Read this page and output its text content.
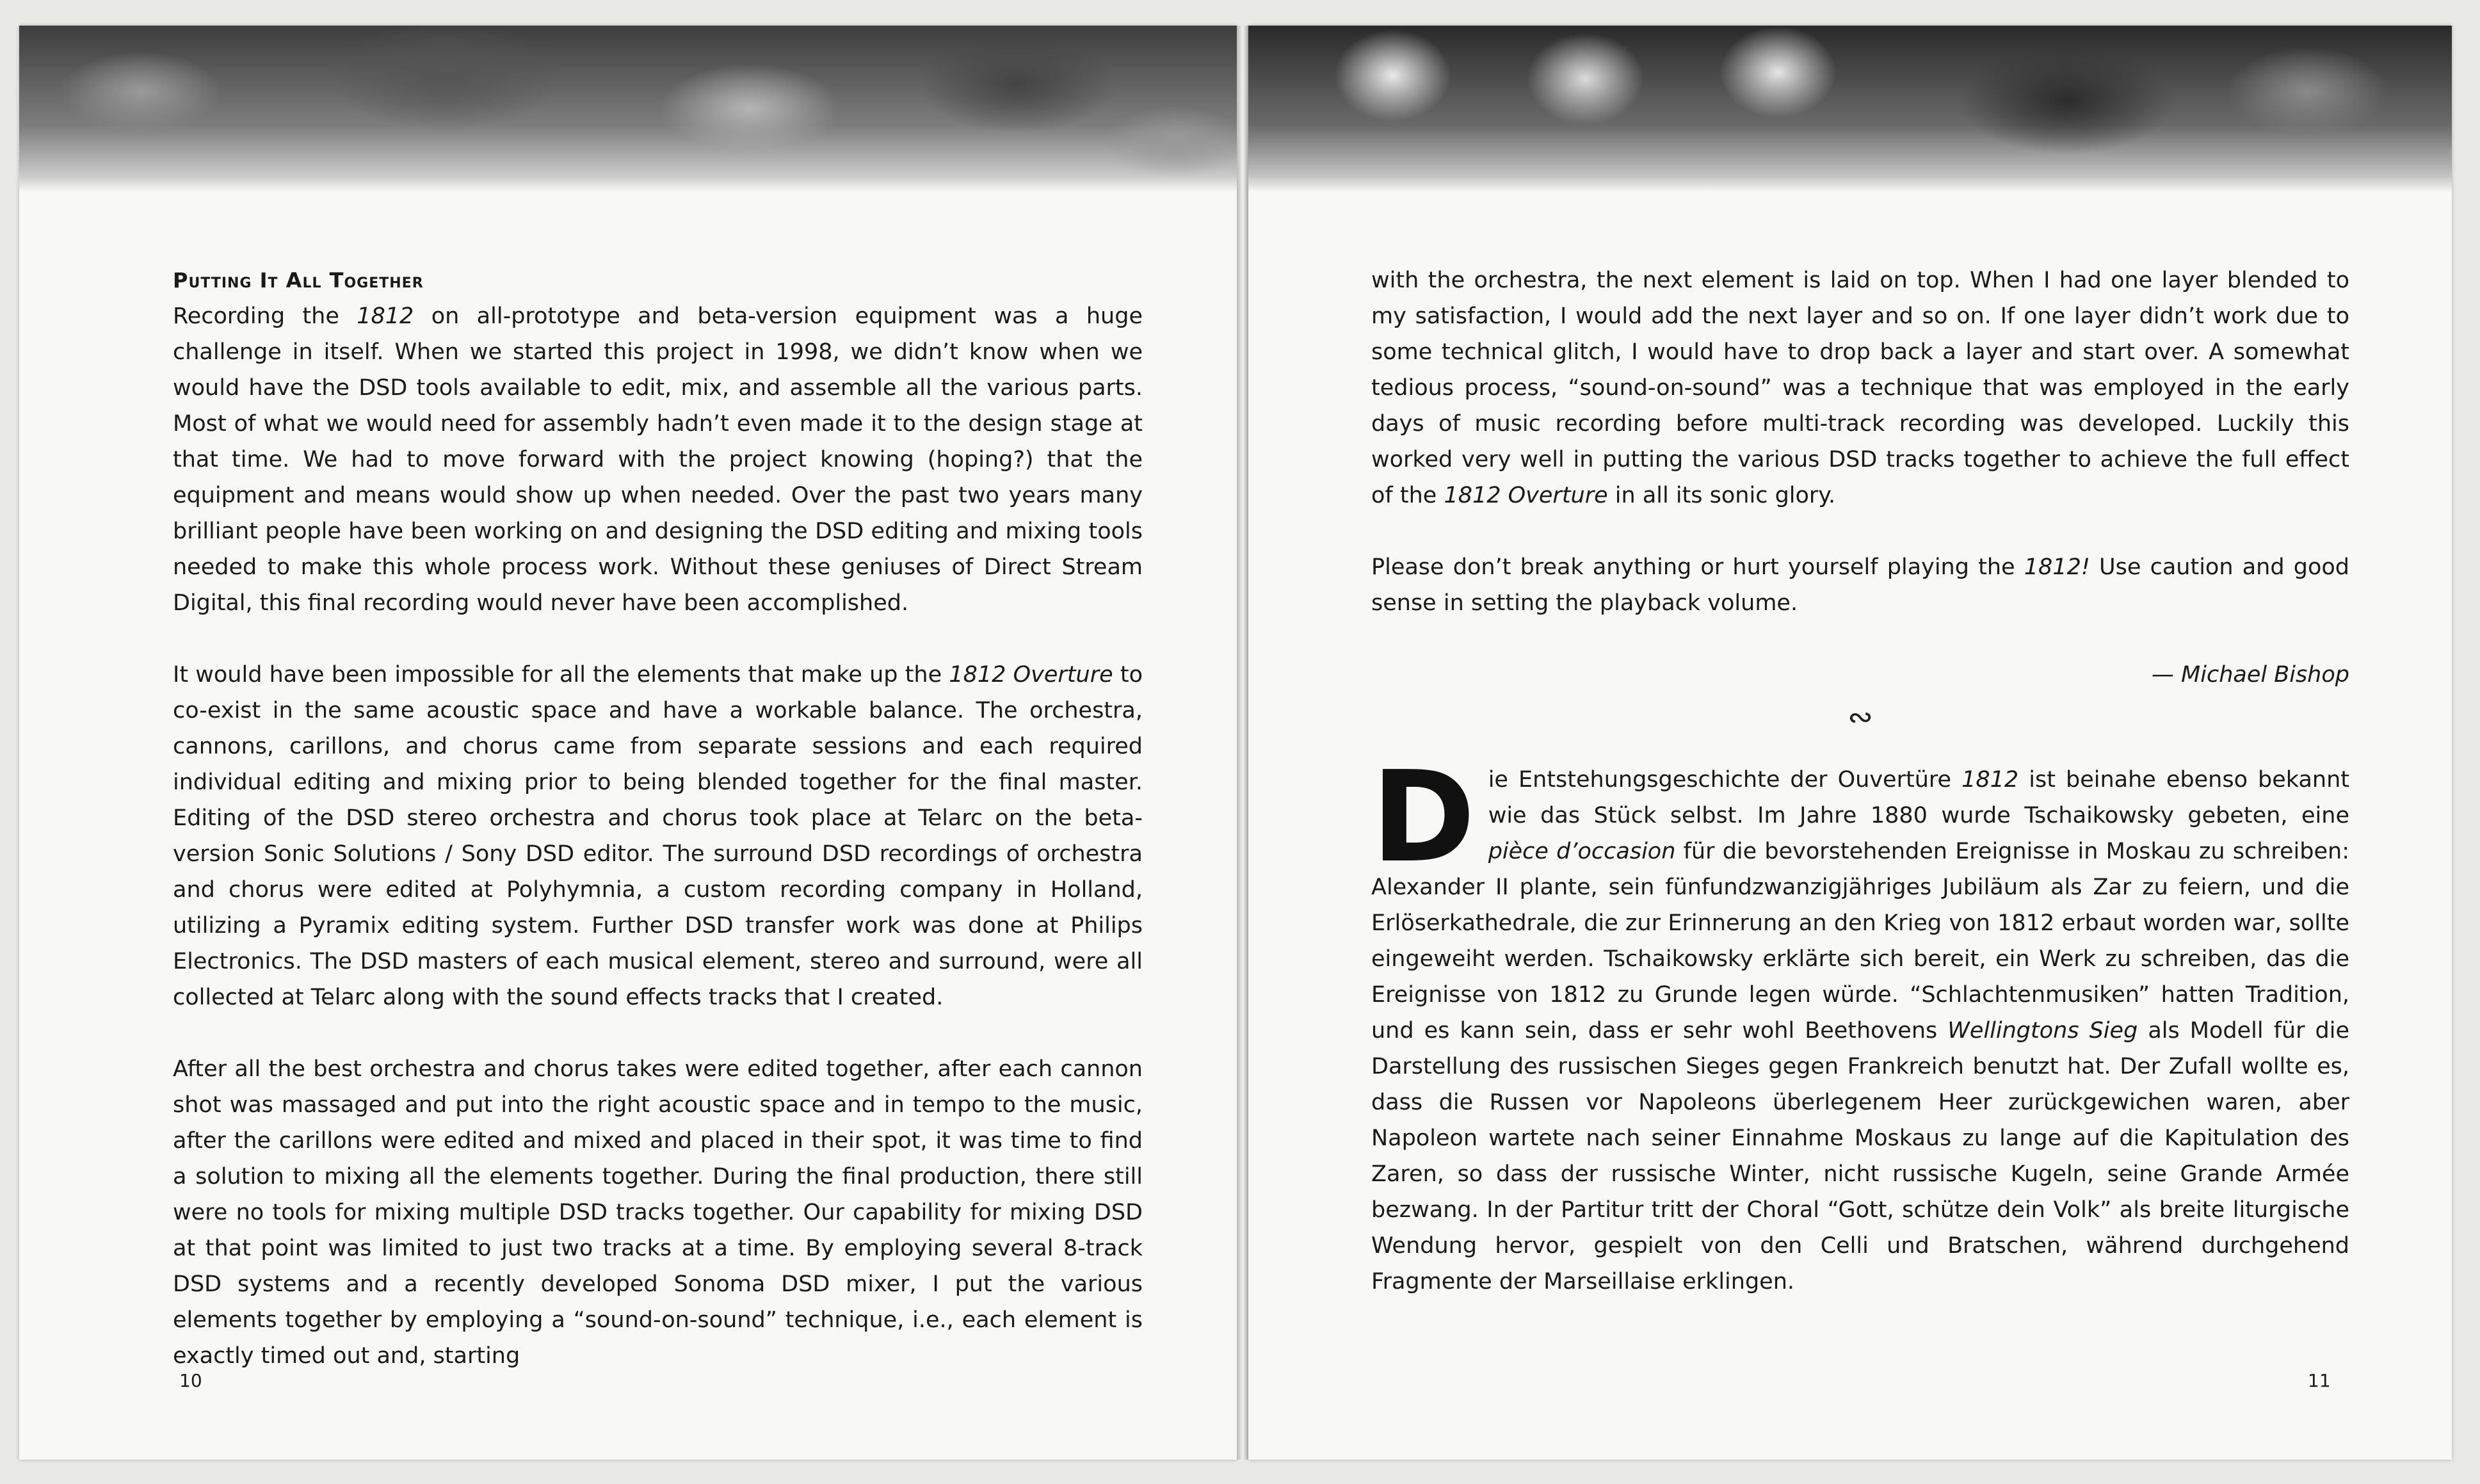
Putting It All Together

Recording the 1812 on all-prototype and beta-version equipment was a huge challenge in itself. When we started this project in 1998, we didn’t know when we would have the DSD tools available to edit, mix, and assemble all the various parts. Most of what we would need for assembly hadn’t even made it to the design stage at that time. We had to move forward with the project knowing (hoping?) that the equipment and means would show up when needed. Over the past two years many brilliant people have been working on and designing the DSD editing and mixing tools needed to make this whole process work. Without these geniuses of Direct Stream Digital, this final recording would never have been accomplished.

It would have been impossible for all the elements that make up the 1812 Overture to co-exist in the same acoustic space and have a workable balance. The orchestra, cannons, carillons, and chorus came from separate sessions and each required individual editing and mixing prior to being blended together for the final master. Editing of the DSD stereo orchestra and chorus took place at Telarc on the beta-version Sonic Solutions / Sony DSD editor. The surround DSD recordings of orchestra and chorus were edited at Polyhymnia, a custom recording company in Holland, utilizing a Pyramix editing system. Further DSD transfer work was done at Philips Electronics. The DSD masters of each musical element, stereo and surround, were all collected at Telarc along with the sound effects tracks that I created.

After all the best orchestra and chorus takes were edited together, after each cannon shot was massaged and put into the right acoustic space and in tempo to the music, after the carillons were edited and mixed and placed in their spot, it was time to find a solution to mixing all the elements together. During the final production, there still were no tools for mixing multiple DSD tracks together. Our capability for mixing DSD at that point was limited to just two tracks at a time. By employing several 8-track DSD systems and a recently developed Sonoma DSD mixer, I put the various elements together by employing a “sound-on-sound” technique, i.e., each element is exactly timed out and, starting

10

with the orchestra, the next element is laid on top. When I had one layer blended to my satisfaction, I would add the next layer and so on. If one layer didn’t work due to some technical glitch, I would have to drop back a layer and start over. A somewhat tedious process, “sound-on-sound” was a technique that was employed in the early days of music recording before multi-track recording was developed. Luckily this worked very well in putting the various DSD tracks together to achieve the full effect of the 1812 Overture in all its sonic glory.

Please don’t break anything or hurt yourself playing the 1812! Use caution and good sense in setting the playback volume.

— Michael Bishop
∾

Die Entstehungsgeschichte der Ouvertüre 1812 ist beinahe ebenso bekannt wie das Stück selbst. Im Jahre 1880 wurde Tschaikowsky gebeten, eine pièce d’occasion für die bevorstehenden Ereignisse in Moskau zu schreiben: Alexander II plante, sein fünfundzwanzigjähriges Jubiläum als Zar zu feiern, und die Erlöserkathedrale, die zur Erinnerung an den Krieg von 1812 erbaut worden war, sollte eingeweiht werden. Tschaikowsky erklärte sich bereit, ein Werk zu schreiben, das die Ereignisse von 1812 zu Grunde legen würde. “Schlachtenmusiken” hatten Tradition, und es kann sein, dass er sehr wohl Beethovens Wellingtons Sieg als Modell für die Darstellung des russischen Sieges gegen Frankreich benutzt hat. Der Zufall wollte es, dass die Russen vor Napoleons überlegenem Heer zurückgewichen waren, aber Napoleon wartete nach seiner Einnahme Moskaus zu lange auf die Kapitulation des Zaren, so dass der russische Winter, nicht russische Kugeln, seine Grande Armée bezwang. In der Partitur tritt der Choral “Gott, schütze dein Volk” als breite liturgische Wendung hervor, gespielt von den Celli und Bratschen, während durchgehend Fragmente der Marseillaise erklingen.

11
